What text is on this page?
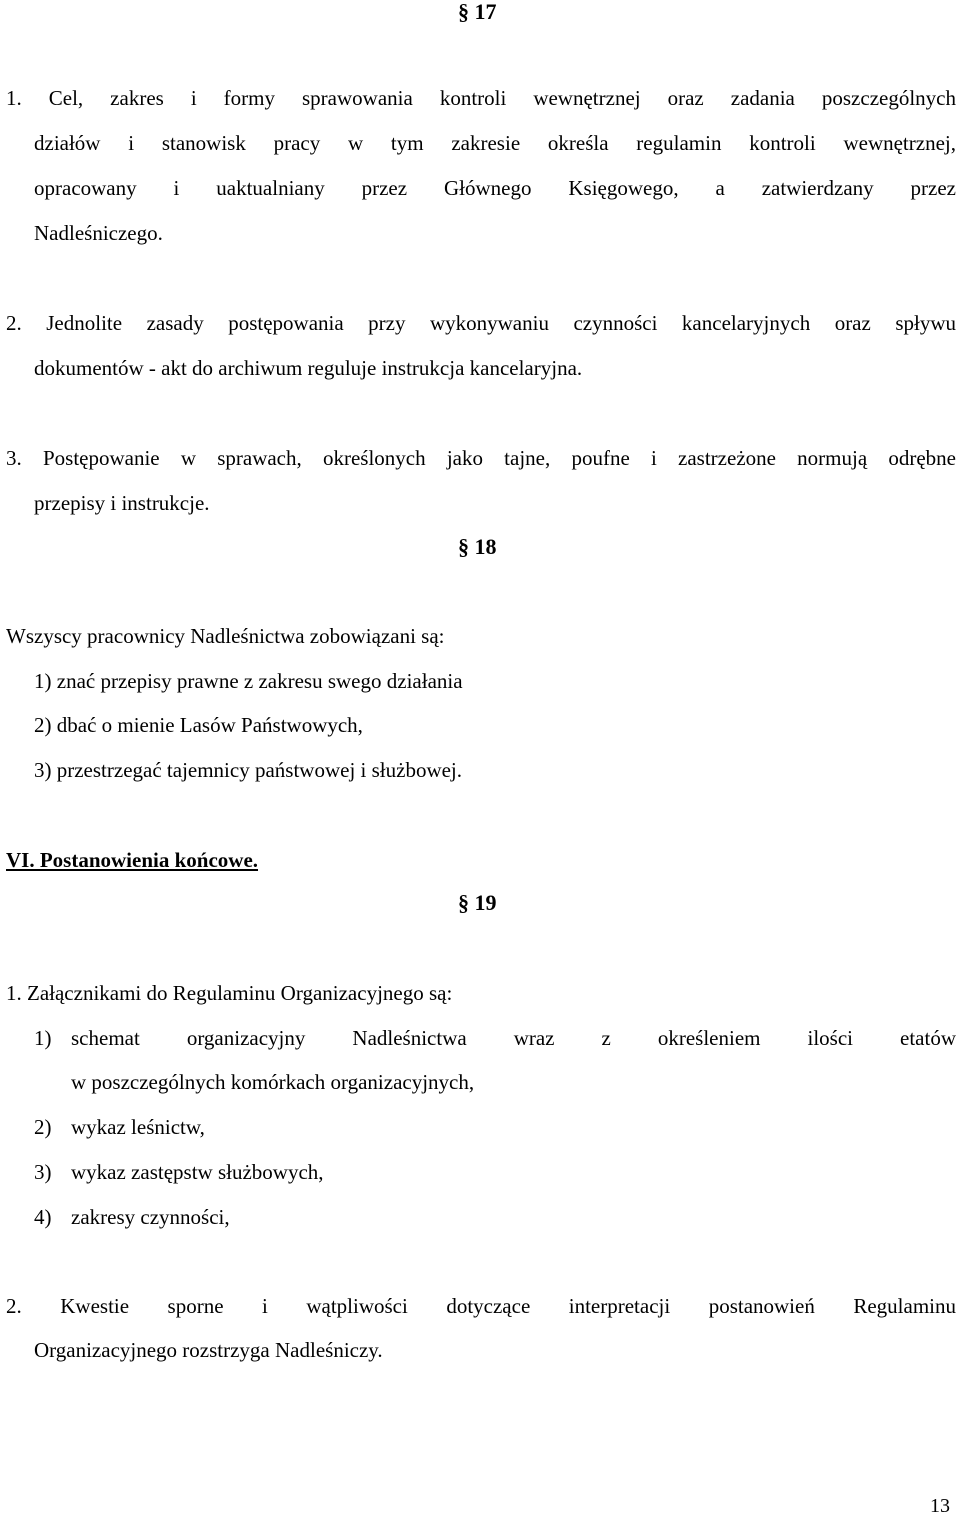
§ 17
1. Cel, zakres i formy sprawowania kontroli wewnętrznej oraz zadania poszczególnych
działów i stanowisk pracy w tym zakresie określa regulamin kontroli wewnętrznej,
opracowany i uaktualniany przez Głównego Księgowego, a zatwierdzany przez
Nadleśniczego.
2. Jednolite zasady postępowania przy wykonywaniu czynności kancelaryjnych oraz spływu
dokumentów - akt do archiwum reguluje instrukcja kancelaryjna.
3. Postępowanie w sprawach, określonych jako tajne, poufne i zastrzeżone normują odrębne
przepisy i instrukcje.
§ 18
Wszyscy pracownicy Nadleśnictwa zobowiązani są:
1) znać przepisy prawne z zakresu swego działania
2) dbać o mienie Lasów Państwowych,
3) przestrzegać tajemnicy państwowej i służbowej.
VI. Postanowienia końcowe.
§ 19
1. Załącznikami do Regulaminu Organizacyjnego są:
1) schemat organizacyjny Nadleśnictwa wraz z określeniem ilości etatów
w poszczególnych komórkach organizacyjnych,
2) wykaz leśnictw,
3) wykaz zastępstw służbowych,
4) zakresy czynności,
2. Kwestie sporne i wątpliwości dotyczące interpretacji postanowień Regulaminu
Organizacyjnego rozstrzyga Nadleśniczy.
13
